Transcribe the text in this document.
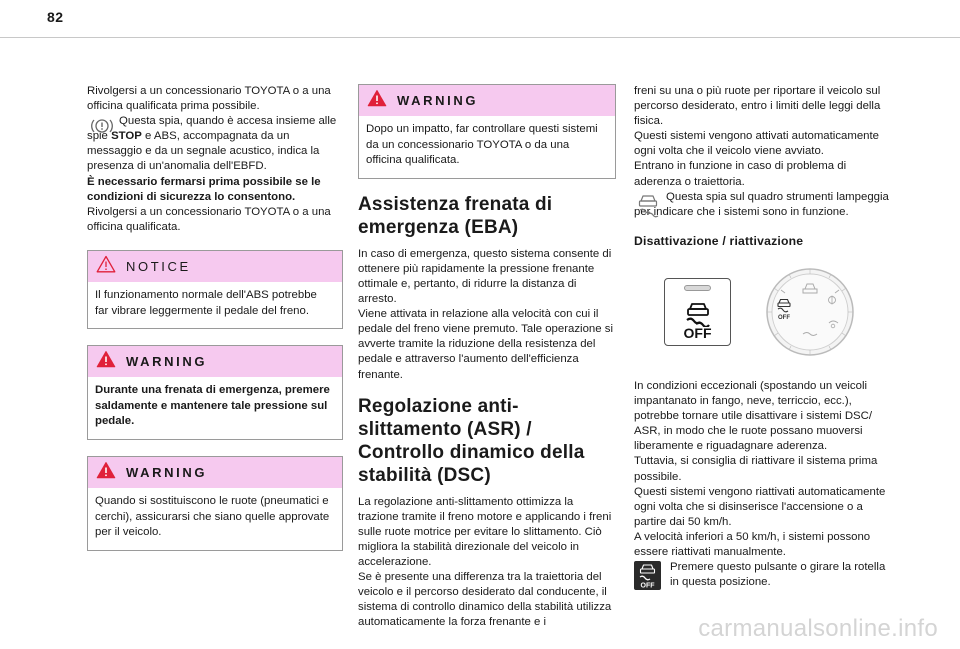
82

Rivolgersi a un concessionario TOYOTA o a una officina qualificata prima possibile.

Questa spia, quando è accesa insieme alle spie STOP e ABS, accompagnata da un messaggio e da un segnale acustico, indica la presenza di un'anomalia dell'EBFD.

È necessario fermarsi prima possibile se le condizioni di sicurezza lo consentono.

Rivolgersi a un concessionario TOYOTA o a una officina qualificata.

NOTICE
Il funzionamento normale dell'ABS potrebbe far vibrare leggermente il pedale del freno.
WARNING
Durante una frenata di emergenza, premere saldamente e mantenere tale pressione sul pedale.
WARNING
Quando si sostituiscono le ruote (pneumatici e cerchi), assicurarsi che siano quelle approvate per il veicolo.
WARNING
Dopo un impatto, far controllare questi sistemi da un concessionario TOYOTA o da una officina qualificata.
Assistenza frenata di emergenza (EBA)

In caso di emergenza, questo sistema consente di ottenere più rapidamente la pressione frenante ottimale e, pertanto, di ridurre la distanza di arresto.

Viene attivata in relazione alla velocità con cui il pedale del freno viene premuto. Tale operazione si avverte tramite la riduzione della resistenza del pedale e attraverso l'aumento dell'efficienza frenante.

Regolazione anti-slittamento (ASR) / Controllo dinamico della stabilità (DSC)

La regolazione anti-slittamento ottimizza la trazione tramite il freno motore e applicando i freni sulle ruote motrice per evitare lo slittamento. Ciò migliora la stabilità direzionale del veicolo in accelerazione.

Se è presente una differenza tra la traiettoria del veicolo e il percorso desiderato dal conducente, il sistema di controllo dinamico della stabilità utilizza automaticamente la forza frenante e i

freni su una o più ruote per riportare il veicolo sul percorso desiderato, entro i limiti delle leggi della fisica.

Questi sistemi vengono attivati automaticamente ogni volta che il veicolo viene avviato.

Entrano in funzione in caso di problema di aderenza o traiettoria.

Questa spia sul quadro strumenti lampeggia per indicare che i sistemi sono in funzione.

Disattivazione / riattivazione
OFF
OFF

In condizioni eccezionali (spostando un veicoli impantanato in fango, neve, terriccio, ecc.), potrebbe tornare utile disattivare i sistemi DSC/ ASR, in modo che le ruote possano muoversi liberamente e riguadagnare aderenza.

Tuttavia, si consiglia di riattivare il sistema prima possibile.

Questi sistemi vengono riattivati automaticamente ogni volta che si disinserisce l'accensione o a partire dai 50 km/h.

A velocità inferiori a 50 km/h, i sistemi possono essere riattivati manualmente.

OFF

Premere questo pulsante o girare la rotella in questa posizione.

carmanualsonline.info
